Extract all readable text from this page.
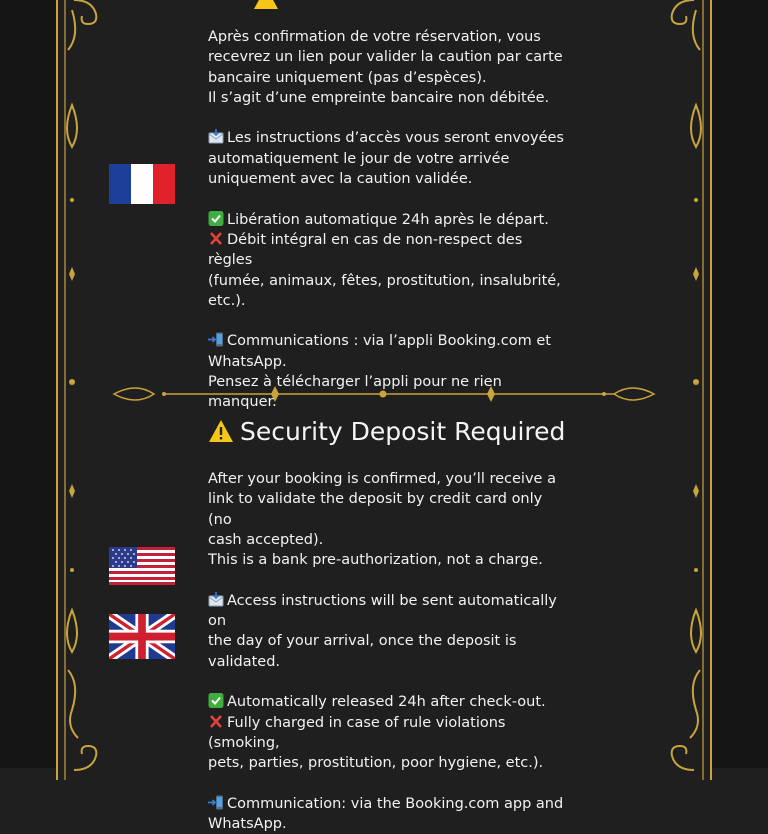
Après confirmation de votre réservation, vous

recevrez un lien pour valider la caution par carte

bancaire uniquement (pas d’espèces).

Il s’agit d’une empreinte bancaire non débitée.

Les instructions d’accès vous seront envoyées

automatiquement le jour de votre arrivée

uniquement avec la caution validée.

Libération automatique 24h après le départ.

Débit intégral en cas de non-respect des règles

(fumée, animaux, fêtes, prostitution, insalubrité,

etc.).

Communications : via l’appli Booking.com et

WhatsApp.

Pensez à télécharger l’appli pour ne rien manquer.

Security Deposit Required

After your booking is confirmed, you’ll receive a

link to validate the deposit by credit card only (no

cash accepted).

This is a bank pre-authorization, not a charge.

Access instructions will be sent automatically on

the day of your arrival, once the deposit is

validated.

Automatically released 24h after check-out.

Fully charged in case of rule violations (smoking,

pets, parties, prostitution, poor hygiene, etc.).

Communication: via the Booking.com app and

WhatsApp.
